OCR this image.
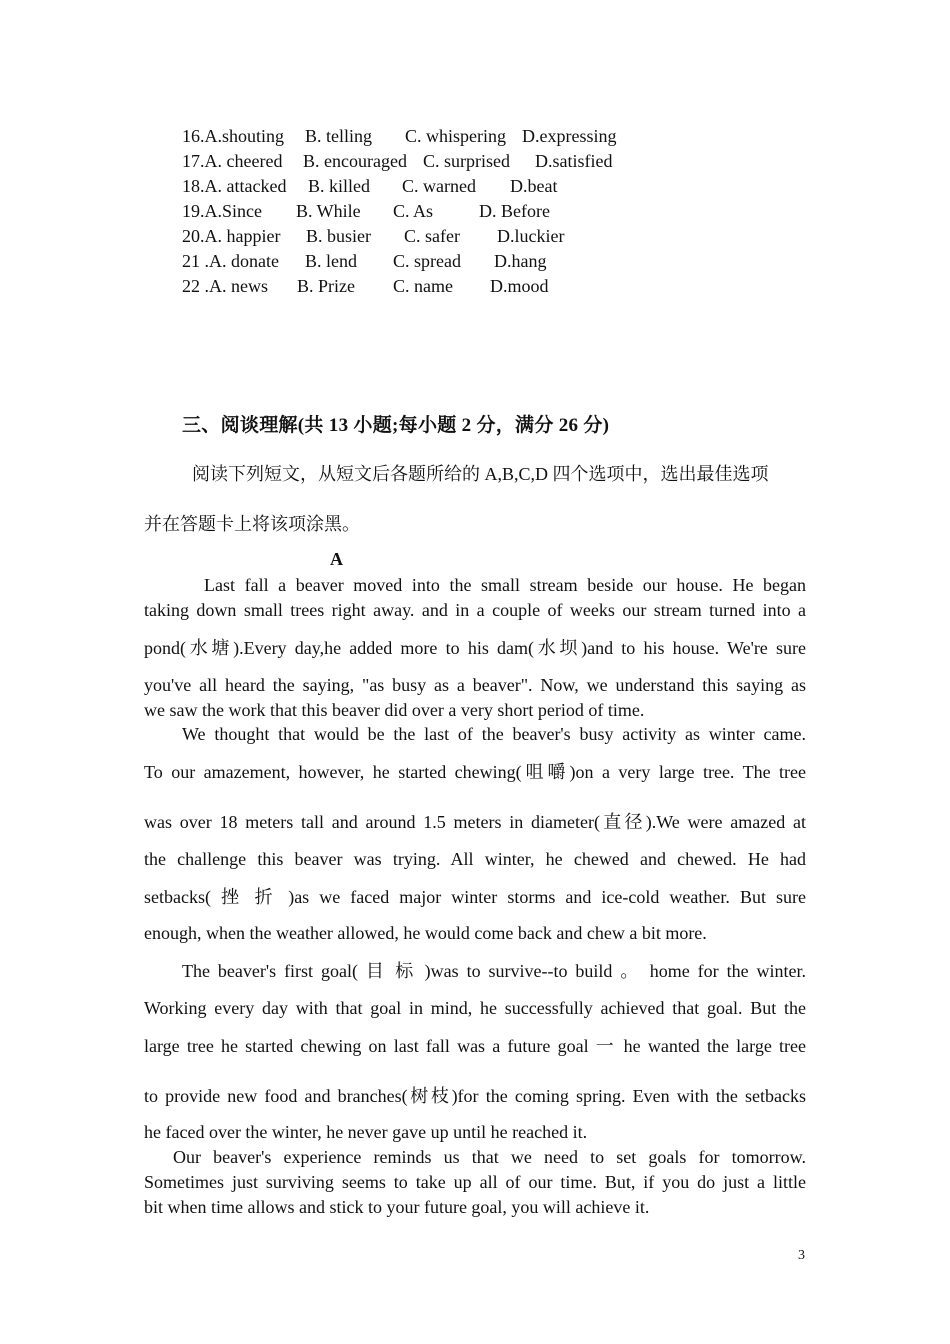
16.A.shouting

B. telling

C. whispering

D.expressing

17.A. cheered

B. encouraged

C. surprised

D.satisfied

18.A. attacked

B. killed

C. warned

D.beat

19.A.Since

B. While

C. As

	D. Before

20.A. happier

B. busier

C. safer

D.luckier

21 .A. donate

B. lend

C. spread

D.hang

22 .A. news

B. Prize

C. name

D.mood

三、阅谈理解(共 13 小题;每小题 2 分，满分 26 分)
阅读下列短文，从短文后各题所给的 A,B,C,D 四个选项中，选出最佳选项
并在答题卡上将该项涂黑。
A
Last fall a beaver moved into the small stream beside our house. He began
taking down small trees right away. and in a couple of weeks our stream turned into a
pond(水塘).Every day,he added more to his dam(水坝)and to his house. We're sure
you've all heard the saying, "as busy as a beaver". Now, we understand this saying as
we saw the work that this beaver did over a very short period of time.
We thought that would be the last of the beaver's busy activity as winter came.
To our amazement, however, he started chewing(咀嚼)on a very large tree. The tree
was over 18 meters tall and around 1.5 meters in diameter(直径).We were amazed at
the challenge this beaver was trying. All winter, he chewed and chewed. He had
setbacks( 挫 折 )as we faced major winter storms and ice-cold weather. But sure
enough, when the weather allowed, he would come back and chew a bit more.
The beaver's first goal( 目 标 )was to survive--to build 。 home for the winter.
Working every day with that goal in mind, he successfully achieved that goal. But the
large tree he started chewing on last fall was a future goal 一 he wanted the large tree
to provide new food and branches(树枝)for the coming spring. Even with the setbacks
he faced over the winter, he never gave up until he reached it.
Our beaver's experience reminds us that we need to set goals for tomorrow.
Sometimes just surviving seems to take up all of our time. But, if you do just a little
bit when time allows and stick to your future goal, you will achieve it.
3
